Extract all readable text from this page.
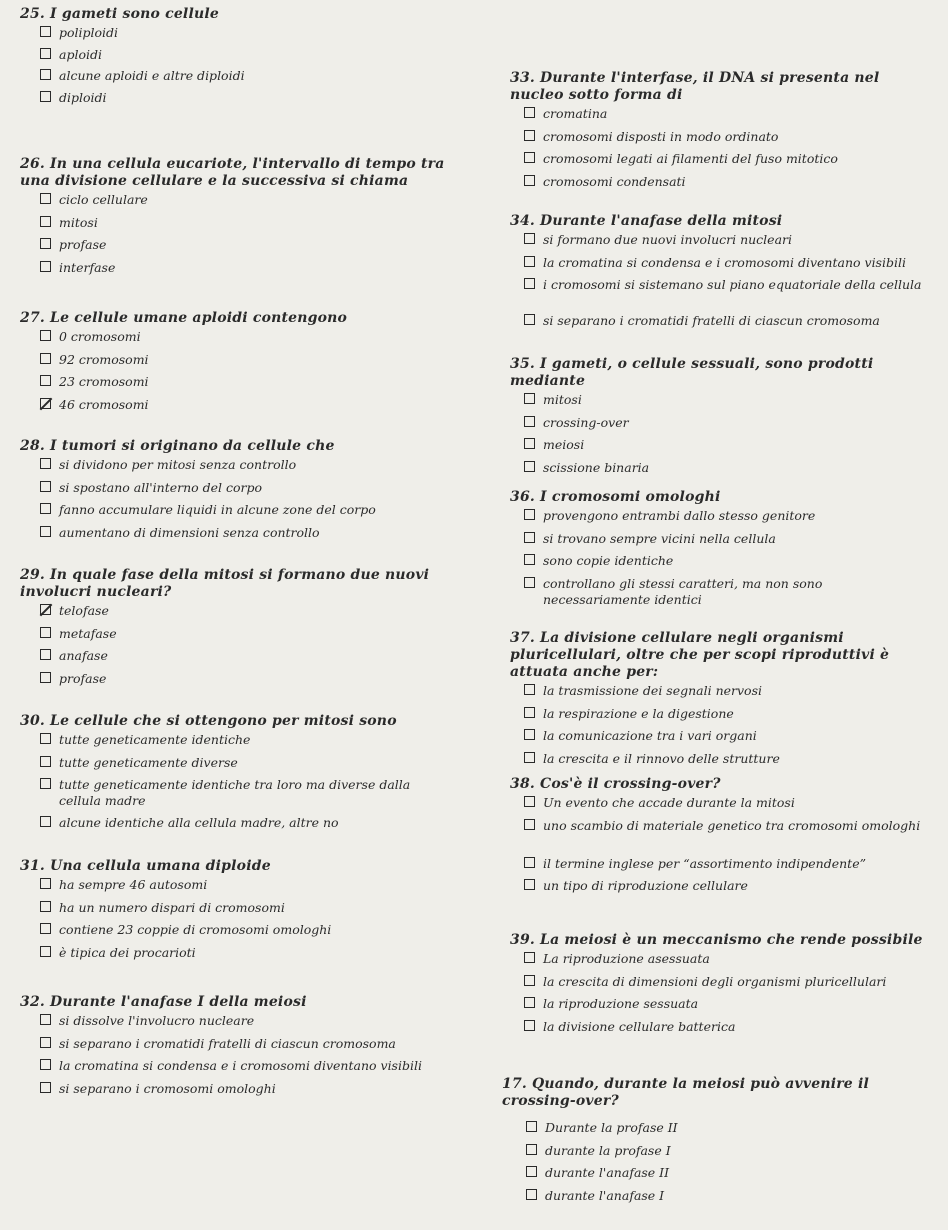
25. I gameti sono cellule

poliploidi
aploidi
alcune aploidi e altre diploidi
diploidi

26. In una cellula eucariote, l'intervallo di tempo tra una divisione cellulare e la successiva si chiama

ciclo cellulare
mitosi
profase
interfase

27. Le cellule umane aploidi contengono

0 cromosomi
92 cromosomi
23 cromosomi
46 cromosomi

28. I tumori si originano da cellule che

si dividono per mitosi senza controllo
si spostano all'interno del corpo
fanno accumulare liquidi in alcune zone del corpo
aumentano di dimensioni senza controllo

29. In quale fase della mitosi si formano due nuovi involucri nucleari?

telofase
metafase
anafase
profase

30. Le cellule che si ottengono per mitosi sono

tutte geneticamente identiche
tutte geneticamente diverse
tutte geneticamente identiche tra loro ma diverse dalla cellula madre
alcune identiche alla cellula madre, altre no

31. Una cellula umana diploide

ha sempre 46 autosomi
ha un numero dispari di cromosomi
contiene 23 coppie di cromosomi omologhi
è tipica dei procarioti

32. Durante l'anafase I della meiosi

si dissolve l'involucro nucleare
si separano i cromatidi fratelli di ciascun cromosoma
la cromatina si condensa e i cromosomi diventano visibili
si separano i cromosomi omologhi

33. Durante l'interfase, il DNA si presenta nel nucleo sotto forma di

cromatina
cromosomi disposti in modo ordinato
cromosomi legati ai filamenti del fuso mitotico
cromosomi condensati

34. Durante l'anafase della mitosi

si formano due nuovi involucri nucleari
la cromatina si condensa e i cromosomi diventano visibili
i cromosomi si sistemano sul piano equatoriale della cellula
si separano i cromatidi fratelli di ciascun cromosoma

35. I gameti, o cellule sessuali, sono prodotti mediante

mitosi
crossing-over
meiosi
scissione binaria

36. I cromosomi omologhi

provengono entrambi dallo stesso genitore
si trovano sempre vicini nella cellula
sono copie identiche
controllano gli stessi caratteri, ma non sono necessariamente identici

37. La divisione cellulare negli organismi pluricellulari, oltre che per scopi riproduttivi è attuata anche per:

la trasmissione dei segnali nervosi
la respirazione e la digestione
la comunicazione tra i vari organi
la crescita e il rinnovo delle strutture

38. Cos'è il crossing-over?

Un evento che accade durante la mitosi
uno scambio di materiale genetico tra cromosomi omologhi
il termine inglese per “assortimento indipendente”
un tipo di riproduzione cellulare

39. La meiosi è un meccanismo che rende possibile

La riproduzione asessuata
la crescita di dimensioni degli organismi pluricellulari
la riproduzione sessuata
la divisione cellulare batterica

17. Quando, durante la meiosi può avvenire il crossing-over?

Durante la profase II
durante la profase I
durante l'anafase II
durante l'anafase I
